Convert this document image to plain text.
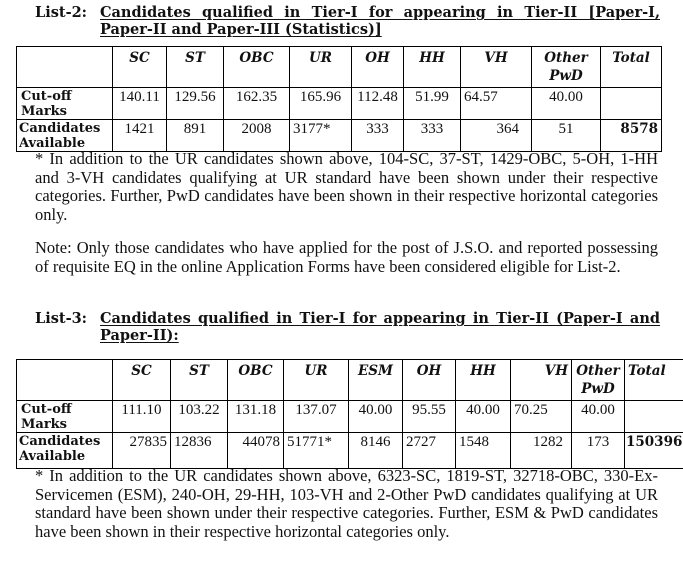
List-2: Candidates qualified in Tier-I for appearing in Tier-II [Paper-I, Paper-II and Paper-III (Statistics)]
	SC	ST	OBC	UR	OH	HH	VH	Other PwD	Total
Cut-off Marks	140.11	129.56	162.35	165.96	112.48	51.99	64.57	40.00	
Candidates Available	1421	891	2008	3177*	333	333	364	51	8578

* In addition to the UR candidates shown above, 104-SC, 37-ST, 1429-OBC, 5-OH, 1-HH and 3-VH candidates qualifying at UR standard have been shown under their respective categories. Further, PwD candidates have been shown in their respective horizontal categories only.

Note: Only those candidates who have applied for the post of J.S.O. and reported possessing of requisite EQ in the online Application Forms have been considered eligible for List-2.

List-3: Candidates qualified in Tier-I for appearing in Tier-II (Paper-I and Paper-II):
	SC	ST	OBC	UR	ESM	OH	HH	VH	Other PwD	Total
Cut-off Marks	111.10	103.22	131.18	137.07	40.00	95.55	40.00	70.25	40.00	
Candidates Available	27835	12836	44078	51771*	8146	2727	1548	1282	173	150396

* In addition to the UR candidates shown above, 6323-SC, 1819-ST, 32718-OBC, 330-Ex-Servicemen (ESM), 240-OH, 29-HH, 103-VH and 2-Other PwD candidates qualifying at UR standard have been shown under their respective categories. Further, ESM & PwD candidates have been shown in their respective horizontal categories only.
